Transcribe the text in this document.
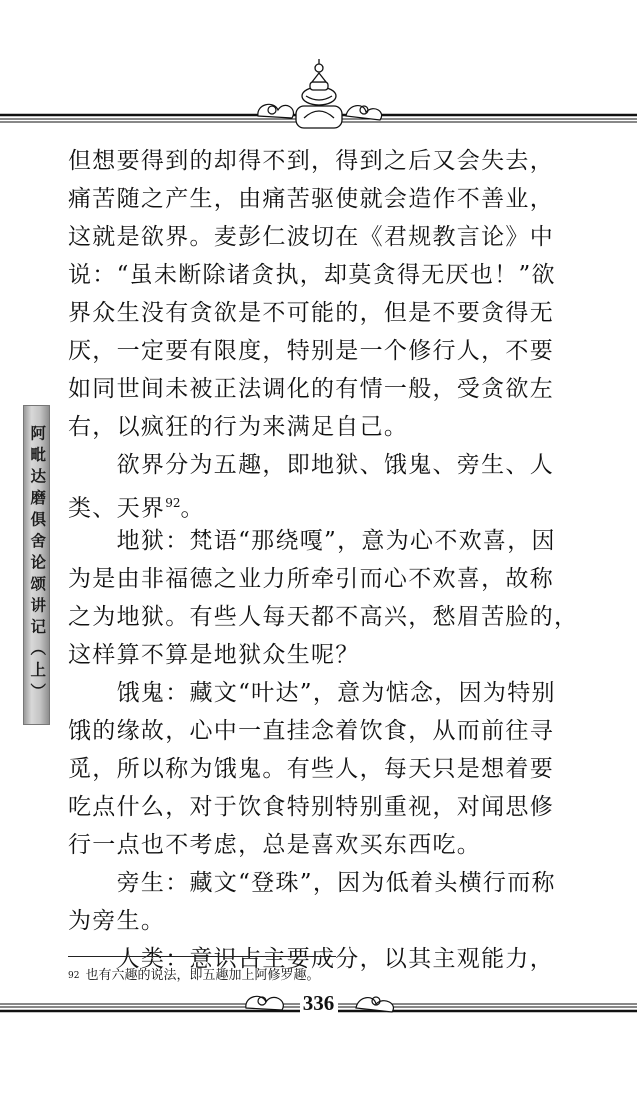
阿毗达磨俱舍论颂讲记（上）
但想要得到的却得不到，得到之后又会失去，
痛苦随之产生，由痛苦驱使就会造作不善业，
这就是欲界。麦彭仁波切在《君规教言论》中
说：“虽未断除诸贪执，却莫贪得无厌也！”欲
界众生没有贪欲是不可能的，但是不要贪得无
厌，一定要有限度，特别是一个修行人，不要
如同世间未被正法调化的有情一般，受贪欲左
右，以疯狂的行为来满足自己。
　　欲界分为五趣，即地狱、饿鬼、旁生、人
类、天界$^{92}$。
　　地狱：梵语“那绕嘎”，意为心不欢喜，因
为是由非福德之业力所牵引而心不欢喜，故称
之为地狱。有些人每天都不高兴，愁眉苦脸的，
这样算不算是地狱众生呢？
　　饿鬼：藏文“叶达”，意为惦念，因为特别
饿的缘故，心中一直挂念着饮食，从而前往寻
觅，所以称为饿鬼。有些人，每天只是想着要
吃点什么，对于饮食特别特别重视，对闻思修
行一点也不考虑，总是喜欢买东西吃。
　　旁生：藏文“登珠”，因为低着头横行而称
为旁生。
　　人类：意识占主要成分，以其主观能力，
$^{92}$ 也有六趣的说法，即五趣加上阿修罗趣。
336
